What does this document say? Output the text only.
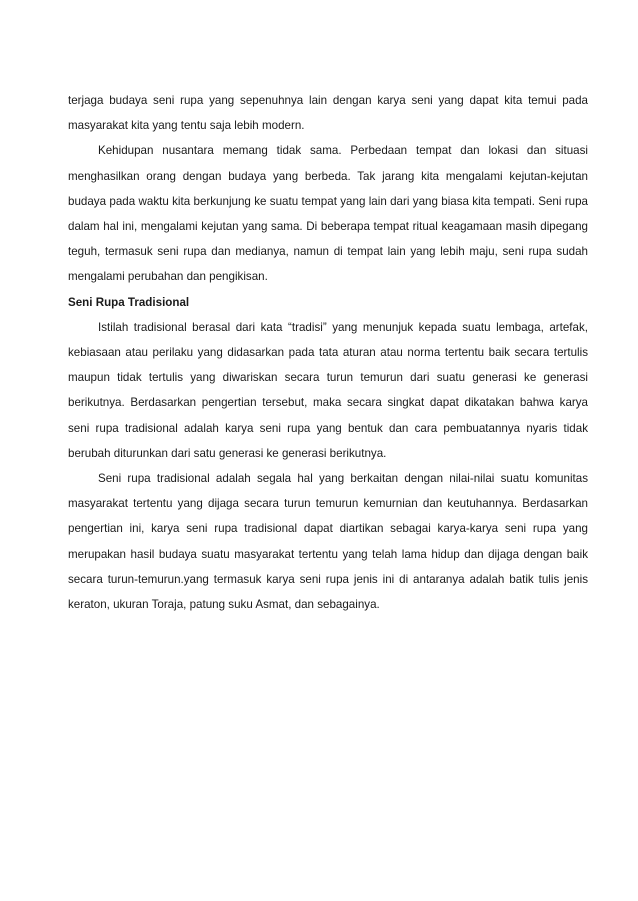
terjaga budaya seni rupa yang sepenuhnya lain dengan karya seni yang dapat kita temui pada masyarakat kita yang tentu saja lebih modern.

Kehidupan nusantara memang tidak sama. Perbedaan tempat dan lokasi dan situasi menghasilkan orang dengan budaya yang berbeda. Tak jarang kita mengalami kejutan-kejutan budaya pada waktu kita berkunjung ke suatu tempat yang lain dari yang biasa kita tempati. Seni rupa dalam hal ini, mengalami kejutan yang sama. Di beberapa tempat ritual keagamaan masih dipegang teguh, termasuk seni rupa dan medianya, namun di tempat lain yang lebih maju, seni rupa sudah mengalami perubahan dan pengikisan.

Seni Rupa Tradisional

Istilah tradisional berasal dari kata “tradisi” yang menunjuk kepada suatu lembaga, artefak, kebiasaan atau perilaku yang didasarkan pada tata aturan atau norma tertentu baik secara tertulis maupun tidak tertulis yang diwariskan secara turun temurun dari suatu generasi ke generasi berikutnya. Berdasarkan pengertian tersebut, maka secara singkat dapat dikatakan bahwa karya seni rupa tradisional adalah karya seni rupa yang bentuk dan cara pembuatannya nyaris tidak berubah diturunkan dari satu generasi ke generasi berikutnya.

Seni rupa tradisional adalah segala hal yang berkaitan dengan nilai-nilai suatu komunitas masyarakat tertentu yang dijaga secara turun temurun kemurnian dan keutuhannya. Berdasarkan pengertian ini, karya seni rupa tradisional dapat diartikan sebagai karya-karya seni rupa yang merupakan hasil budaya suatu masyarakat tertentu yang telah lama hidup dan dijaga dengan baik secara turun-temurun.yang termasuk karya seni rupa jenis ini di antaranya adalah batik tulis jenis keraton, ukuran Toraja, patung suku Asmat, dan sebagainya.
